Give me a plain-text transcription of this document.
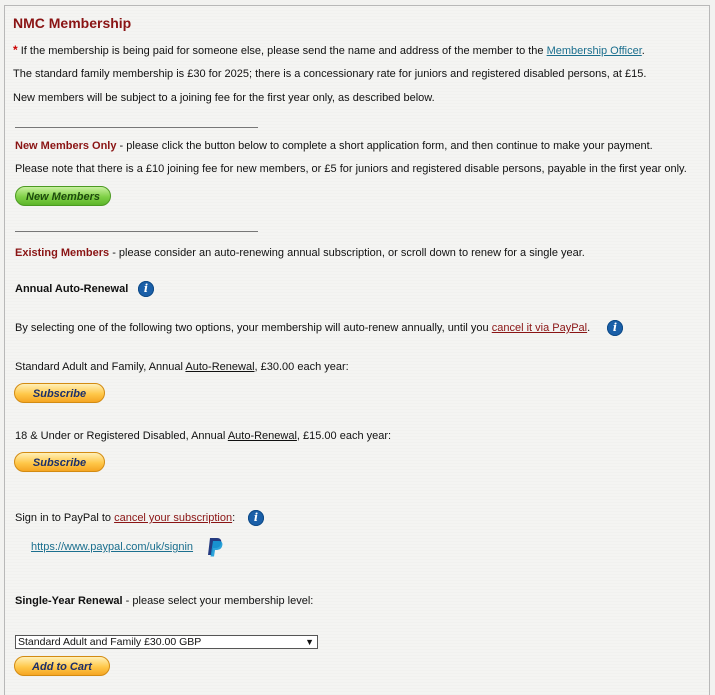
NMC Membership
* If the membership is being paid for someone else, please send the name and address of the member to the Membership Officer.
The standard family membership is £30 for 2025; there is a concessionary rate for juniors and registered disabled persons, at £15.
New members will be subject to a joining fee for the first year only, as described below.
New Members Only - please click the button below to complete a short application form, and then continue to make your payment.
Please note that there is a £10 joining fee for new members, or £5 for juniors and registered disable persons, payable in the first year only.
New Members
Existing Members - please consider an auto-renewing annual subscription, or scroll down to renew for a single year.
Annual Auto-Renewal	i
By selecting one of the following two options, your membership will auto-renew annually, until you cancel it via PayPal.	i
Standard Adult and Family, Annual Auto-Renewal, £30.00 each year:
Subscribe
18 & Under or Registered Disabled, Annual Auto-Renewal, £15.00 each year:
Subscribe
Sign in to PayPal to cancel your subscription:	i
https://www.paypal.com/uk/signin
Single-Year Renewal - please select your membership level:
Standard Adult and Family £30.00 GBP	▼
Add to Cart
